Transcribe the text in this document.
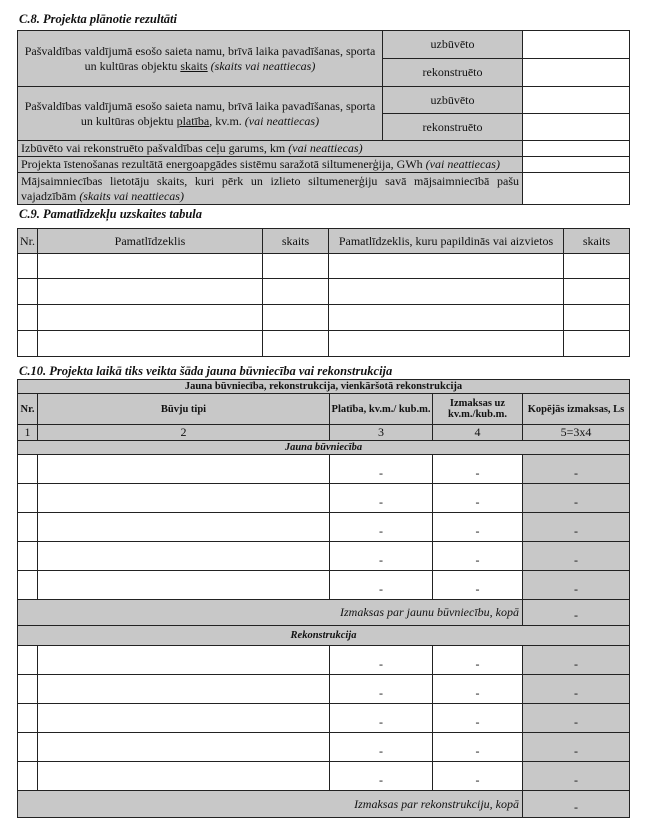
C.8. Projekta plānotie rezultāti
Pašvaldības valdījumā esošo saieta namu, brīvā laika pavadīšanas, sporta un kultūras objektu skaits (skaits vai neattiecas)	uzbūvēto	
	rekonstruēto	
Pašvaldības valdījumā esošo saieta namu, brīvā laika pavadīšanas, sporta un kultūras objektu platība, kv.m. (vai neattiecas)	uzbūvēto	
	rekonstruēto	
Izbūvēto vai rekonstruēto pašvaldības ceļu garums, km (vai neattiecas)		
Projekta īstenošanas rezultātā energoapgādes sistēmu saražotā siltumenerģija, GWh (vai neattiecas)		
Mājsaimniecības lietotāju skaits, kuri pērk un izlieto siltumenerģiju savā mājsaimniecībā pašu vajadzībām (skaits vai neattiecas)		
C.9. Pamatlīdzekļu uzskaites tabula
Nr.	Pamatlīdzeklis	skaits	Pamatlīdzeklis, kuru papildinās vai aizvietos	skaits

C.10. Projekta laikā tiks veikta šāda jauna būvniecība vai rekonstrukcija
Jauna būvniecība, rekonstrukcija, vienkāršotā rekonstrukcija				
Nr.	Būvju tipi	Platība, kv.m./ kub.m.	Izmaksas uz kv.m./kub.m.	Kopējās izmaksas, Ls
1	2	3	4	5=3x4
Jauna būvniecība				
		-	-	-
		-	-	-
		-	-	-
		-	-	-
		-	-	-
Izmaksas par jaunu būvniecību, kopā				-
Rekonstrukcija				
		-	-	-
		-	-	-
		-	-	-
		-	-	-
		-	-	-
Izmaksas par rekonstrukciju, kopā				-
